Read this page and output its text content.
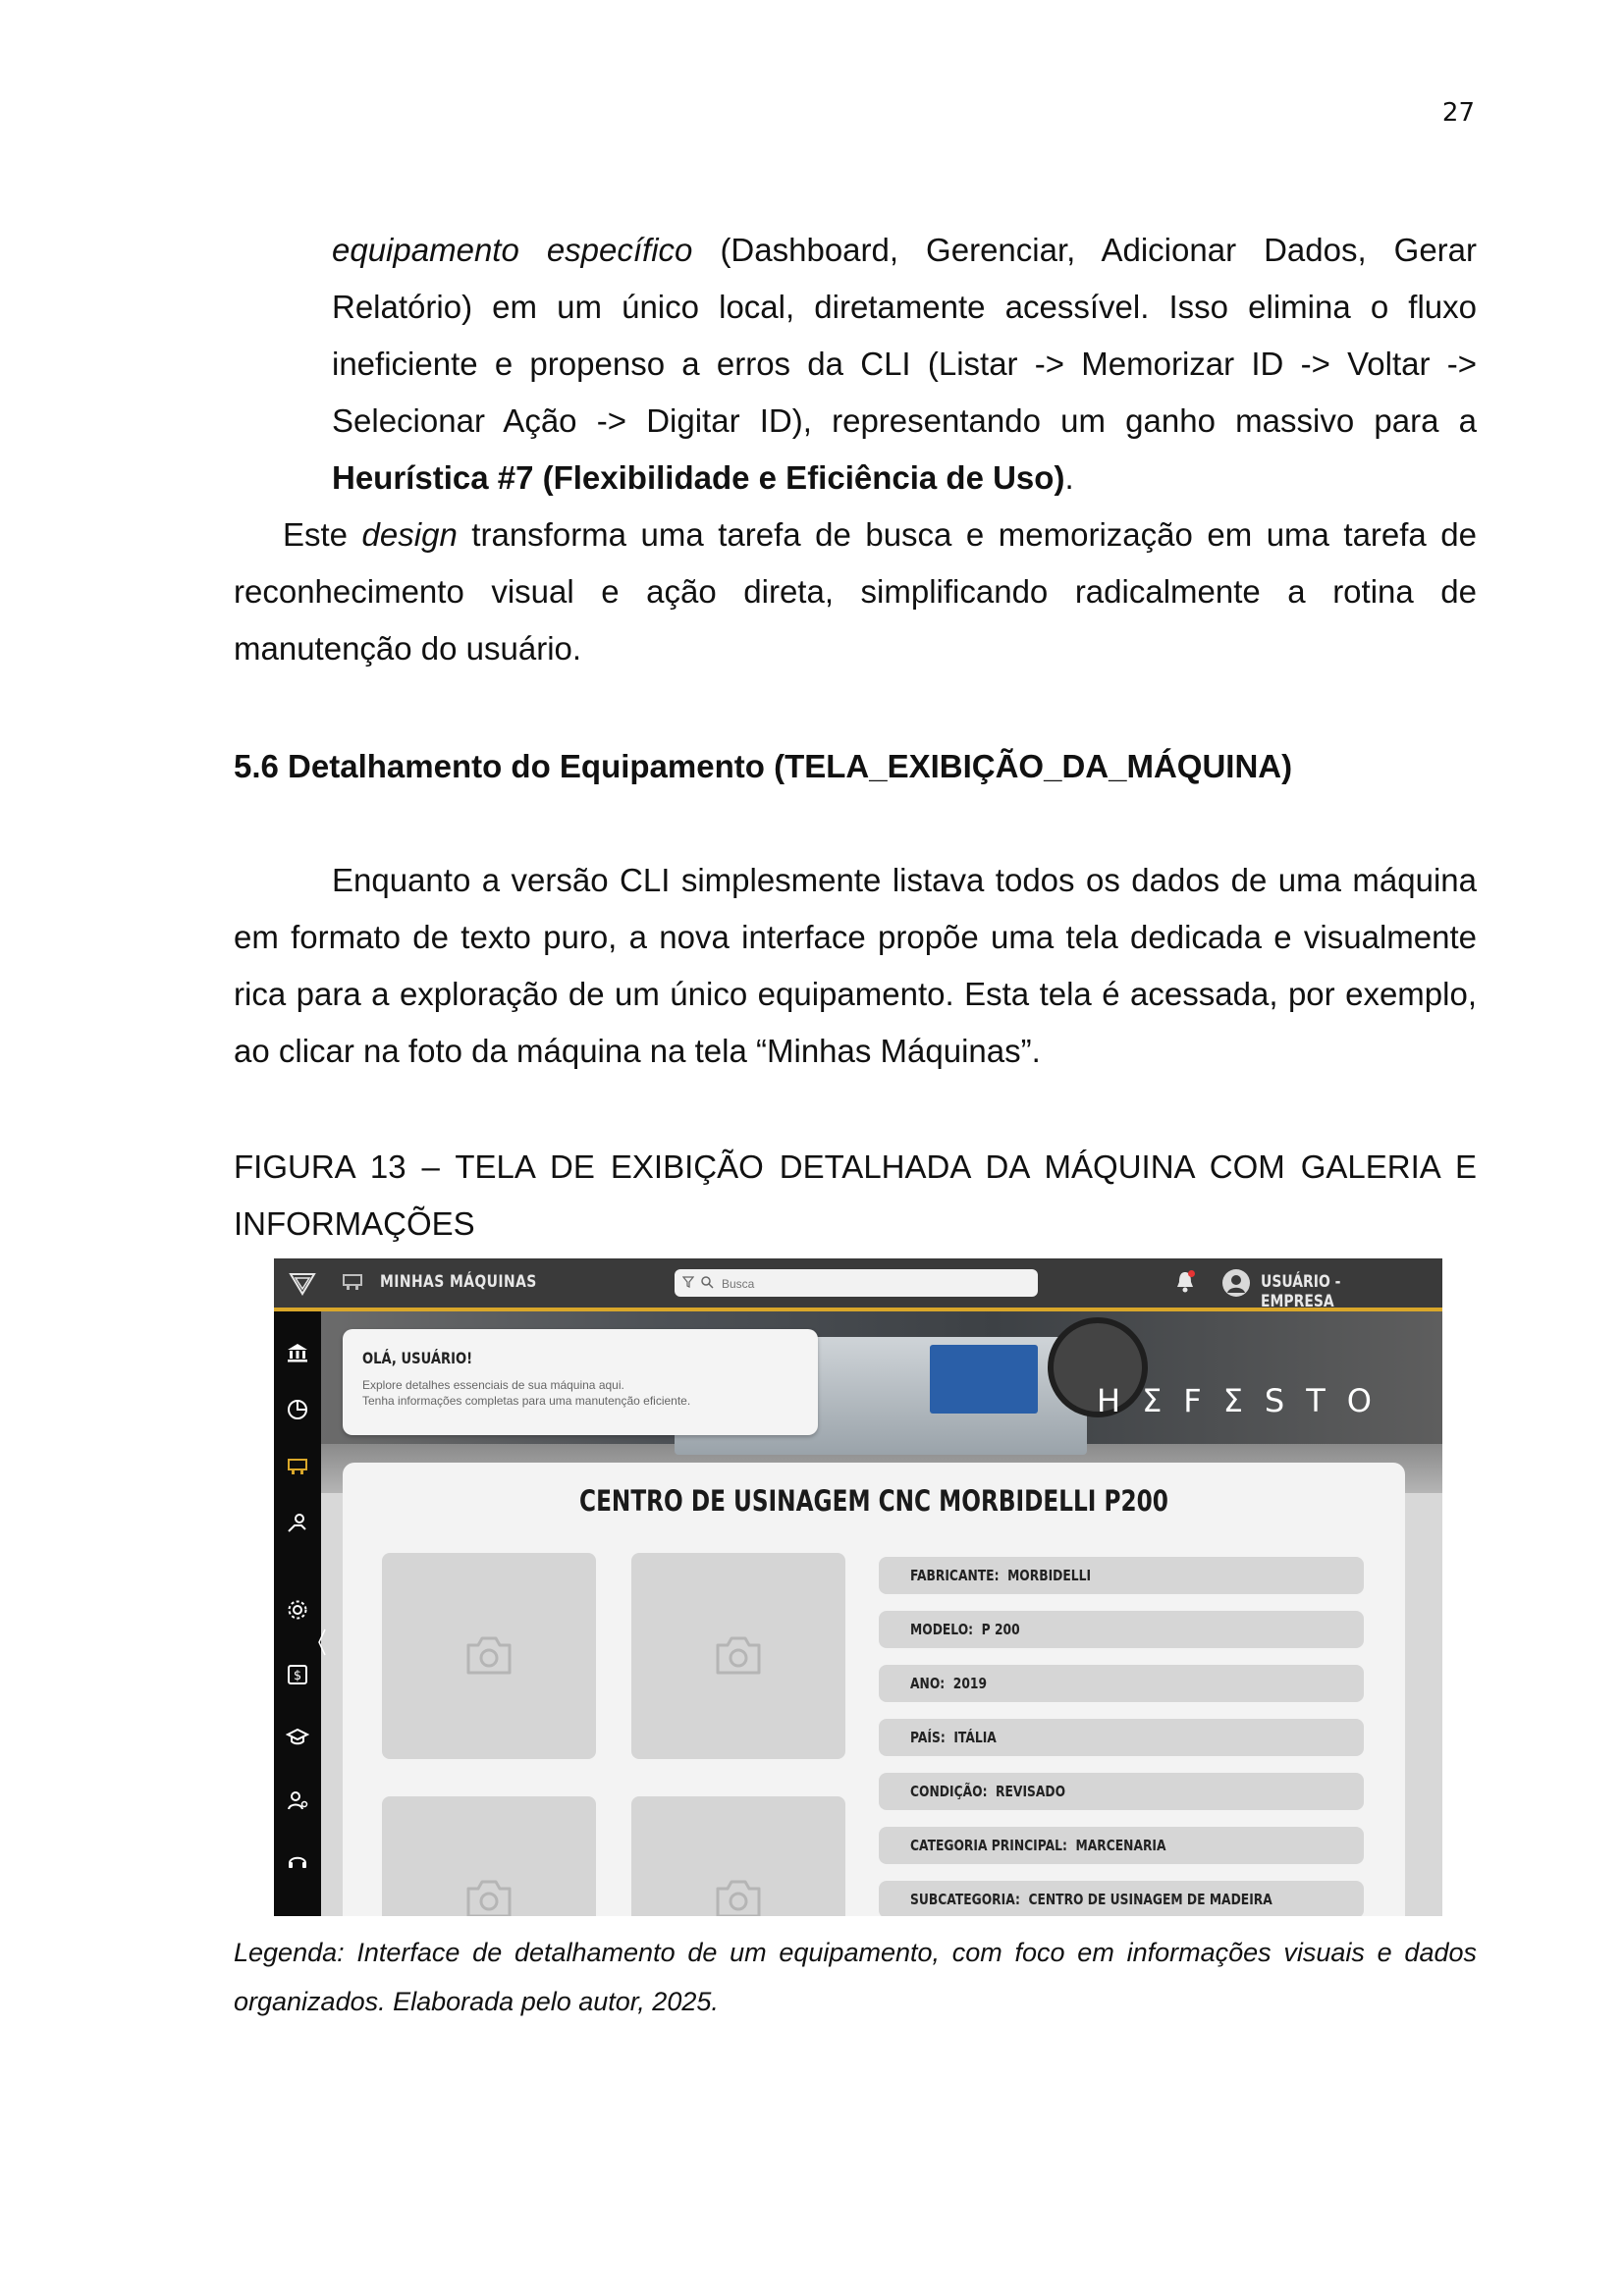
27

equipamento específico (Dashboard, Gerenciar, Adicionar Dados, Gerar Relatório) em um único local, diretamente acessível. Isso elimina o fluxo ineficiente e propenso a erros da CLI (Listar -> Memorizar ID -> Voltar -> Selecionar Ação -> Digitar ID), representando um ganho massivo para a Heurística #7 (Flexibilidade e Eficiência de Uso).

Este design transforma uma tarefa de busca e memorização em uma tarefa de reconhecimento visual e ação direta, simplificando radicalmente a rotina de manutenção do usuário.

5.6 Detalhamento do Equipamento (TELA_EXIBIÇÃO_DA_MÁQUINA)

Enquanto a versão CLI simplesmente listava todos os dados de uma máquina em formato de texto puro, a nova interface propõe uma tela dedicada e visualmente rica para a exploração de um único equipamento. Esta tela é acessada, por exemplo, ao clicar na foto da máquina na tela “Minhas Máquinas”.

FIGURA 13 – TELA DE EXIBIÇÃO DETALHADA DA MÁQUINA COM GALERIA E INFORMAÇÕES

MINHAS MÁQUINAS
Busca	USUÁRIO - EMPRESA
$
HΣFΣSTO
OLÁ, USUÁRIO!
Explore detalhes essenciais de sua máquina aqui.
Tenha informações completas para uma manutenção eficiente.
CENTRO DE USINAGEM CNC MORBIDELLI P200
FABRICANTE: MORBIDELLI
MODELO: P 200
ANO: 2019
PAÍS: ITÁLIA
CONDIÇÃO: REVISADO
CATEGORIA PRINCIPAL: MARCENARIA
SUBCATEGORIA: CENTRO DE USINAGEM DE MADEIRA

Legenda: Interface de detalhamento de um equipamento, com foco em informações visuais e dados organizados. Elaborada pelo autor, 2025.
